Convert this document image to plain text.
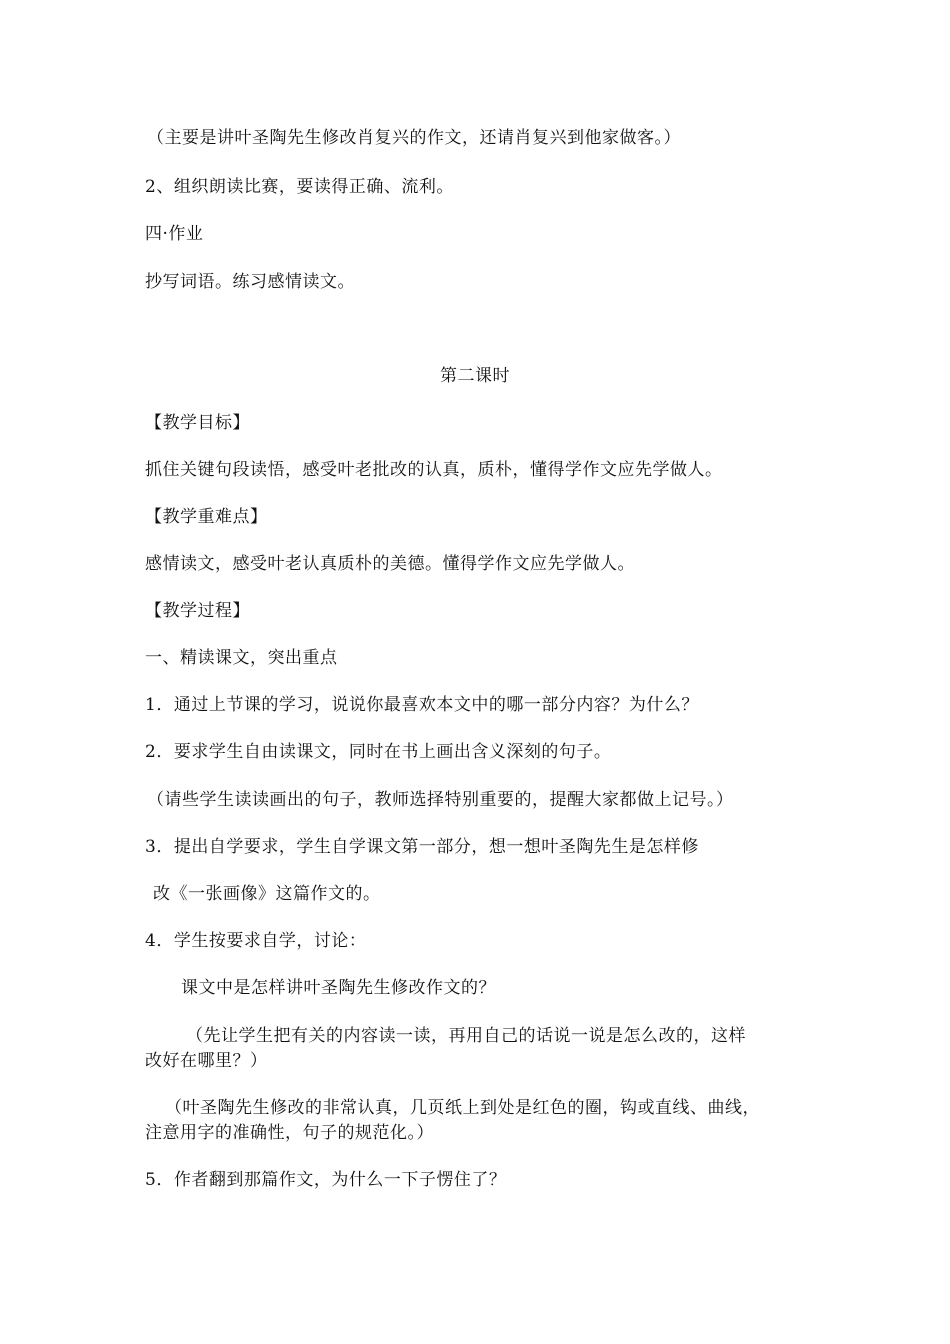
（主要是讲叶圣陶先生修改肖复兴的作文，还请肖复兴到他家做客。）
2、组织朗读比赛，要读得正确、流利。
四·作业
抄写词语。练习感情读文。
第二课时
【教学目标】
抓住关键句段读悟，感受叶老批改的认真，质朴，懂得学作文应先学做人。
【教学重难点】
感情读文，感受叶老认真质朴的美德。懂得学作文应先学做人。
【教学过程】
一、精读课文，突出重点
1．通过上节课的学习，说说你最喜欢本文中的哪一部分内容？为什么？
2．要求学生自由读课文，同时在书上画出含义深刻的句子。
（请些学生读读画出的句子，教师选择特别重要的，提醒大家都做上记号。）
3．提出自学要求，学生自学课文第一部分，想一想叶圣陶先生是怎样修
改《一张画像》这篇作文的。
4．学生按要求自学，讨论：
课文中是怎样讲叶圣陶先生修改作文的？
（先让学生把有关的内容读一读，再用自己的话说一说是怎么改的，这样
改好在哪里？）
（叶圣陶先生修改的非常认真，几页纸上到处是红色的圈，钩或直线、曲线，
注意用字的准确性，句子的规范化。）
5．作者翻到那篇作文，为什么一下子愣住了？
